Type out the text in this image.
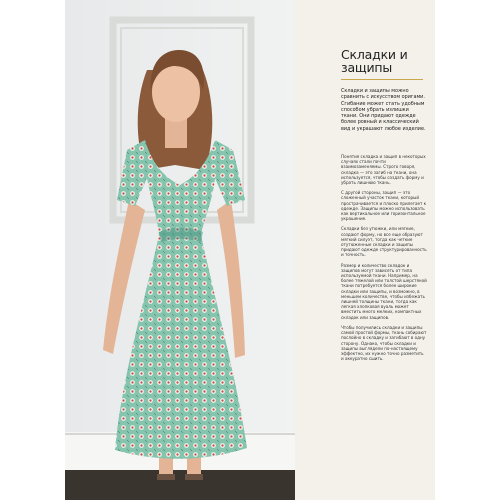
Складки и защипы
Складки и защипы можно сравнить с искусством оригами. Сгибание может стать удобным способом убрать излишки ткани. Они придают одежде более ровный и классический вид и украшают любое изделие.

Понятия складка и защип в некоторых случаях стали почти взаимозаменяемы. Строго говоря, складка — это загиб на ткани, она используется, чтобы создать форму и убрать лишнюю ткань.

С другой стороны, защип — это сложенный участок ткани, который прострачивается и плоско прилегает к одежде. Защипы можно использовать как вертикальное или горизонтальное украшение.

Складки без утюжки, или мягкие, создают форму, но все еще образуют мягкий силуэт, тогда как четкие отутюженные складки и защипы придают одежде структурированность и точность.

Размер и количество складок и защипов могут зависеть от типа используемой ткани. Например, на более тяжелой или толстой шерстяной ткани потребуется более широкие складки или защипы, и возможно, в меньшем количестве, чтобы избежать лишней толщины ткани, тогда как легкая хлопковая вуаль может вместить много мелких, компактных складок или защипов.

Чтобы получились складки и защипы самой простой формы, ткань собирают послойно в складку и загибают в одну сторону. Однако, чтобы складки и защипы выглядели по-настоящему эффектно, их нужно точно разметить и аккуратно сшить.
